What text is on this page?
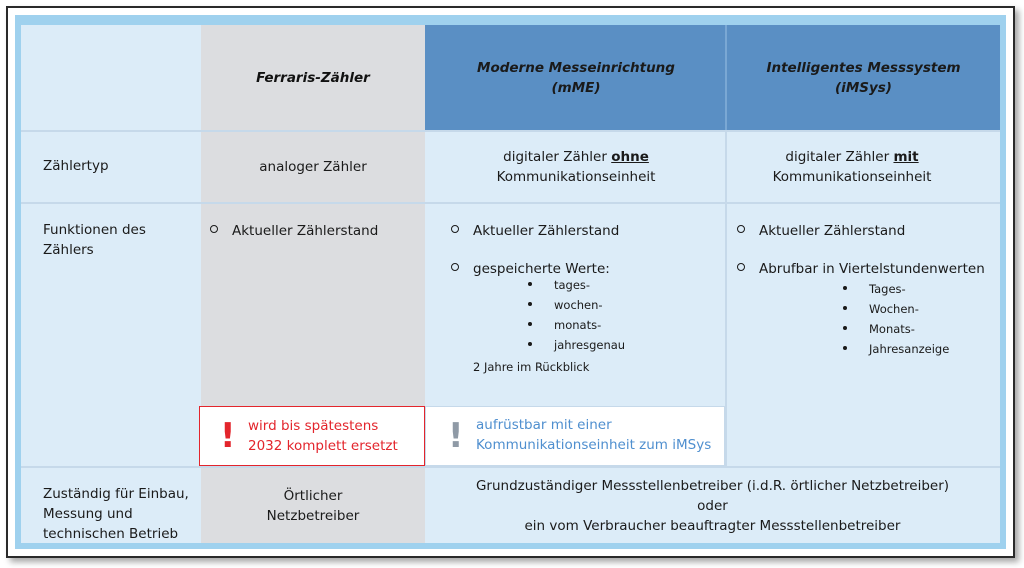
Ferraris-Zähler
Moderne Messeinrichtung
(mME)
Intelligentes Messsystem
(iMSys)
Zählertyp	analoger Zähler
digitaler Zähler ohne
Kommunikationseinheit
digitaler Zähler mit
Kommunikationseinheit
Funktionen des
Zählers
Aktueller Zählerstand	Aktueller Zählerstand
gespeicherte Werte:
tages-
wochen-
monats-
jahresgenau
2 Jahre im Rückblick
Aktueller Zählerstand
Abrufbar in Viertelstundenwerten
Tages-
Wochen-
Monats-
Jahresanzeige
! wird bis spätestens
2032 komplett ersetzt ! aufrüstbar mit einer
Kommunikationseinheit zum iMSys
Zuständig für Einbau,
Messung und
technischen Betrieb
Örtlicher
Netzbetreiber
Grundzuständiger Messstellenbetreiber (i.d.R. örtlicher Netzbetreiber)
oder
ein vom Verbraucher beauftragter Messstellenbetreiber
